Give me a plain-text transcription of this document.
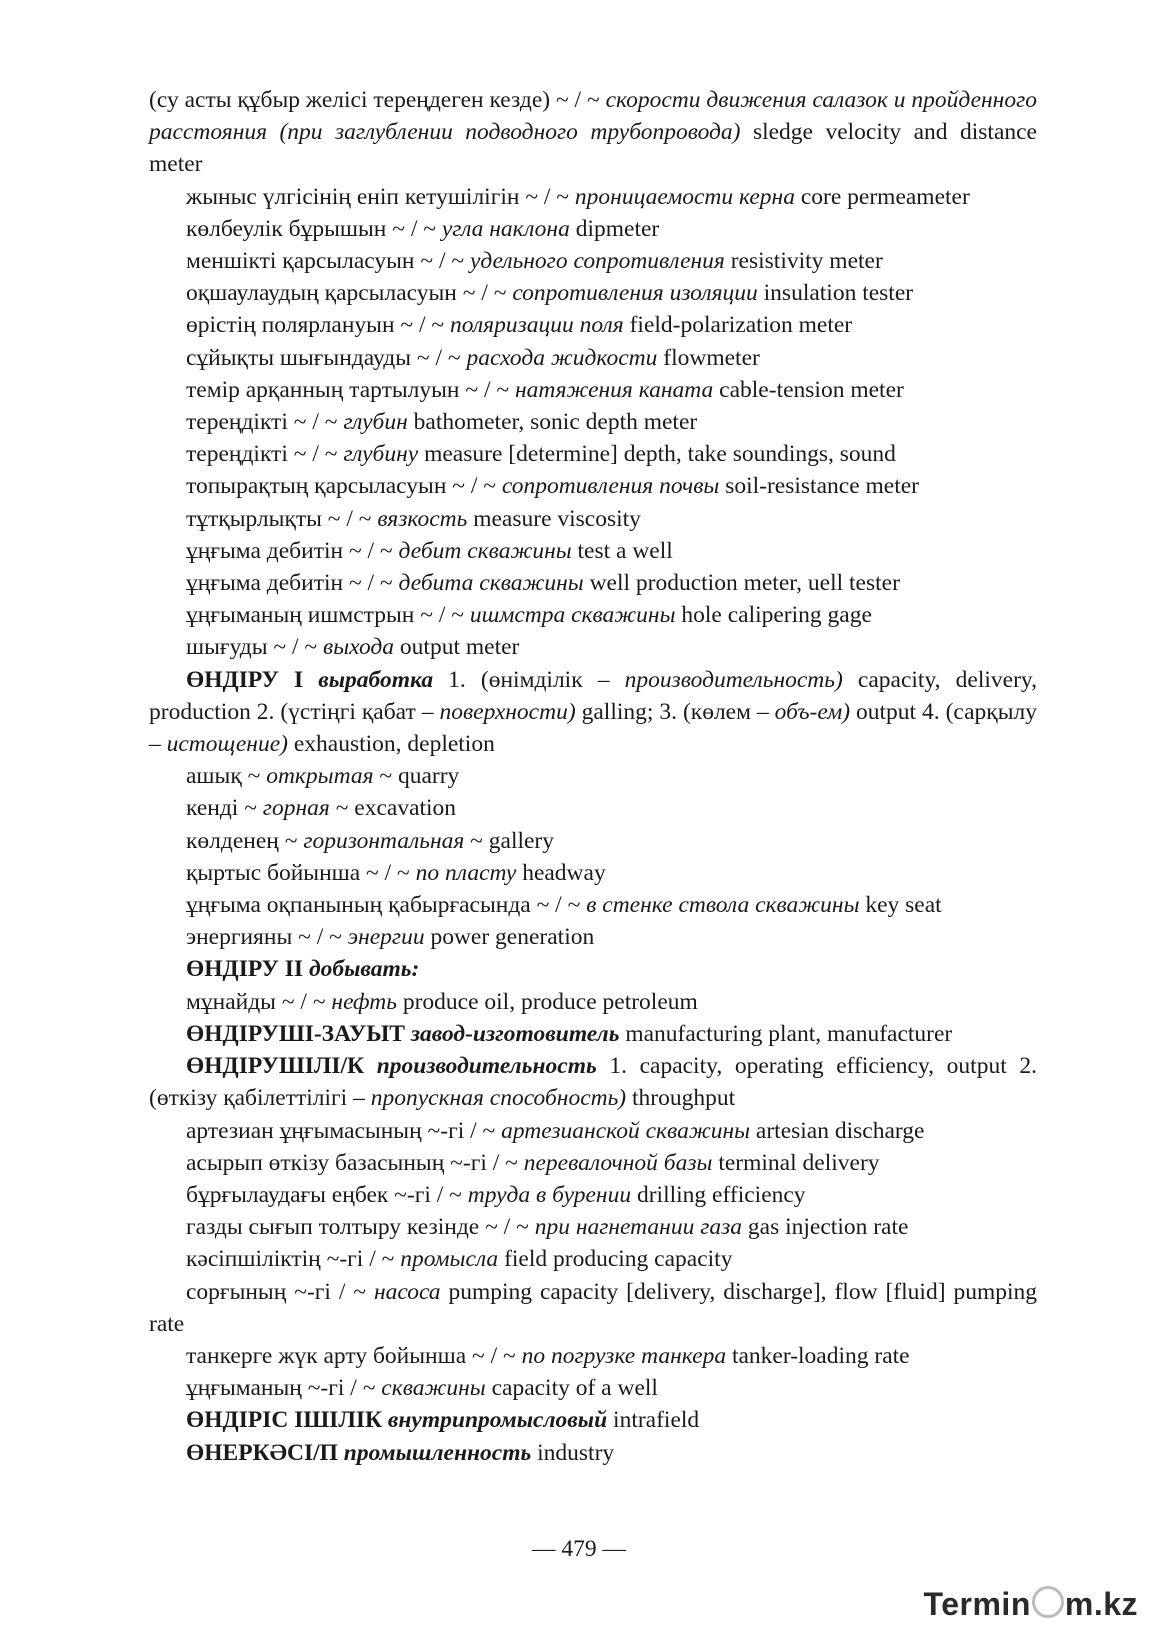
(су асты құбыр желісі тереңдеген кезде) ~ / ~ скорости движения салазок и пройденного расстояния (при заглублении подводного трубопровода) sledge velocity and distance meter

жыныс үлгісінің еніп кетушілігін ~ / ~ проницаемости керна core permeameter

көлбеулік бұрышын ~ / ~ угла наклона dipmeter

меншікті қарсыласуын ~ / ~ удельного сопротивления resistivity meter

оқшаулаудың қарсыласуын ~ / ~ сопротивления изоляции insulation tester

өрістің полярлануын ~ / ~ поляризации поля field-polarization meter

сұйықты шығындауды ~ / ~ расхода жидкости flowmeter

темір арқанның тартылуын ~ / ~ натяжения каната cable-tension meter

тереңдікті ~ / ~ глубин bathometer, sonic depth meter

тереңдікті ~ / ~ глубину measure [determine] depth, take soundings, sound

топырақтың қарсыласуын ~ / ~ сопротивления почвы soil-resistance meter

тұтқырлықты ~ / ~ вязкость measure viscosity

ұңғыма дебитін ~ / ~ дебит скважины test a well

ұңғыма дебитін ~ / ~ дебита скважины well production meter, uell tester

ұңғыманың ишмстрын ~ / ~ ишмстра скважины hole calipering gage

шығуды ~ / ~ выхода output meter

ӨНДІРУ I выработка 1. (өнімділік – производительность) capacity, delivery, production 2. (үстіңгі қабат – поверхности) galling; 3. (көлем – объ-ем) output 4. (сарқылу – истощение) exhaustion, depletion

ашық ~ открытая ~ quarry

кенді ~ горная ~ excavation

көлденең ~ горизонтальная ~ gallery

қыртыс бойынша ~ / ~ по пласту headway

ұңғыма оқпанының қабырғасында ~ / ~ в стенке ствола скважины key seat

энергияны ~ / ~ энергии power generation

ӨНДІРУ II добывать:

мұнайды ~ / ~ нефть produce oil, produce petroleum

ӨНДІРУШІ-ЗАУЫТ завод-изготовитель manufacturing plant, manufacturer

ӨНДІРУШІЛІ/К производительность 1. capacity, operating efficiency, output 2. (өткізу қабілеттілігі – пропускная способность) throughput

артезиан ұңғымасының ~-гі / ~ артезианской скважины artesian discharge

асырып өткізу базасының ~-гі / ~ перевалочной базы terminal delivery

бұрғылаудағы еңбек ~-гі / ~ труда в бурении drilling efficiency

газды сығып толтыру кезінде ~ / ~ при нагнетании газа gas injection rate

кәсіпшіліктің ~-гі / ~ промысла field producing capacity

сорғының ~-гі / ~ насоса pumping capacity [delivery, discharge], flow [fluid] pumping rate

танкерге жүк арту бойынша ~ / ~ по погрузке танкера tanker-loading rate

ұңғыманың ~-гі / ~ скважины capacity of a well

ӨНДІРІС ІШІЛІК внутрипромысловый intrafield

ӨНЕРКӘСІ/П промышленность industry

— 479 —
Termin m.kz
